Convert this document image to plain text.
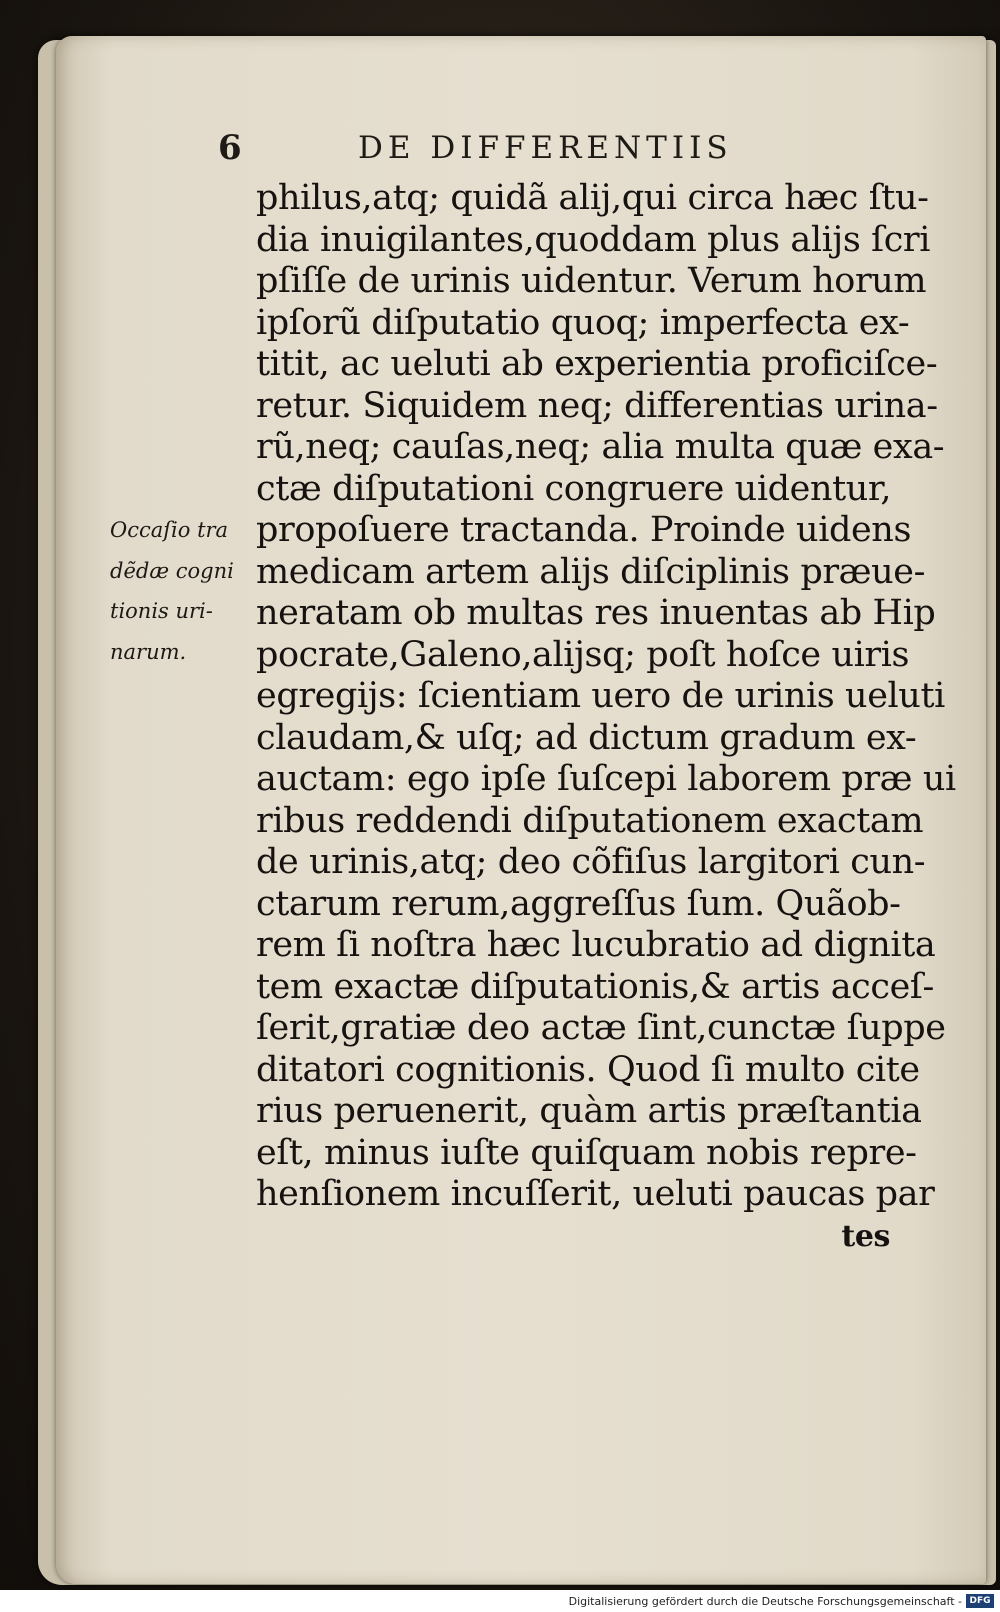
6	DE DIFFERENTIIS
Occaſio tra
dẽdæ cogni
tionis uri-
narum.
philus,atq; quidã alij,qui circa hæc ſtu-
dia inuigilantes,quoddam plus alijs ſcri
pſiſſe de urinis uidentur. Verum horum
ipſorũ diſputatio quoq; imperfecta ex-
titit, ac ueluti ab experientia proficiſce-
retur. Siquidem neq; differentias urina-
rũ,neq; cauſas,neq; alia multa quæ exa-
ctæ diſputationi congruere uidentur,
propoſuere tractanda. Proinde uidens
medicam artem alijs diſciplinis præue-
neratam ob multas res inuentas ab Hip
pocrate,Galeno,alijsq; poſt hoſce uiris
egregijs: ſcientiam uero de urinis ueluti
claudam,& uſq; ad dictum gradum ex-
auctam: ego ipſe ſuſcepi laborem præ ui
ribus reddendi diſputationem exactam
de urinis,atq; deo cõfiſus largitori cun-
ctarum rerum,aggreſſus ſum. Quãob-
rem ſi noſtra hæc lucubratio ad dignita
tem exactæ diſputationis,& artis acceſ-
ſerit,gratiæ deo actæ ſint,cunctæ ſuppe
ditatori cognitionis. Quod ſi multo cite
rius peruenerit, quàm artis præſtantia
eſt, minus iuſte quiſquam nobis repre-
henſionem incuſſerit, ueluti paucas par
tes
Digitalisierung gefördert durch die Deutsche Forschungsgemeinschaft - DFG
